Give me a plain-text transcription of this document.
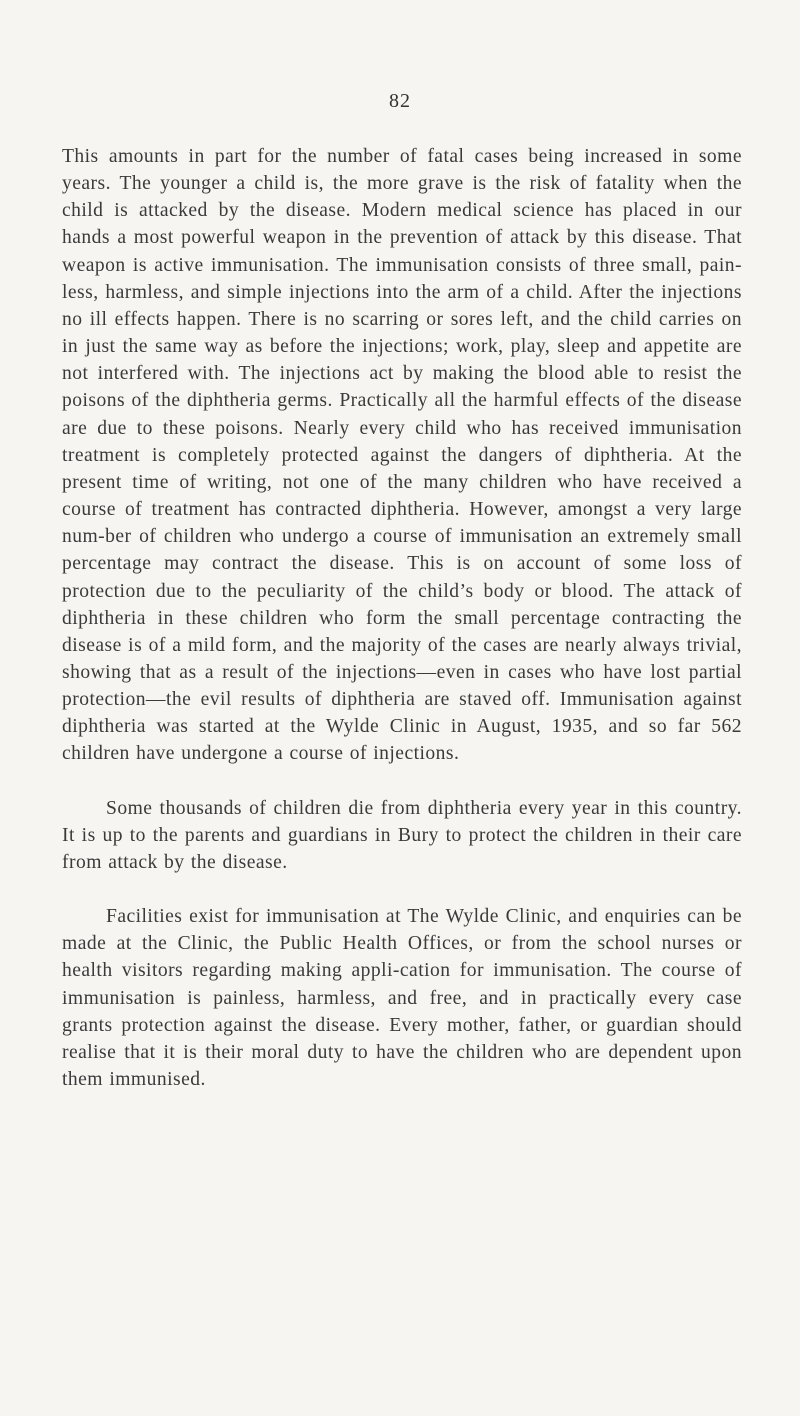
82

This amounts in part for the number of fatal cases being increased in some years. The younger a child is, the more grave is the risk of fatality when the child is attacked by the disease. Modern medical science has placed in our hands a most powerful weapon in the prevention of attack by this disease. That weapon is active immunisation. The immunisation consists of three small, pain-less, harmless, and simple injections into the arm of a child. After the injections no ill effects happen. There is no scarring or sores left, and the child carries on in just the same way as before the injections; work, play, sleep and appetite are not interfered with. The injections act by making the blood able to resist the poisons of the diphtheria germs. Practically all the harmful effects of the disease are due to these poisons. Nearly every child who has received immunisation treatment is completely protected against the dangers of diphtheria. At the present time of writing, not one of the many children who have received a course of treatment has contracted diphtheria. However, amongst a very large num-ber of children who undergo a course of immunisation an extremely small percentage may contract the disease. This is on account of some loss of protection due to the peculiarity of the child’s body or blood. The attack of diphtheria in these children who form the small percentage contracting the disease is of a mild form, and the majority of the cases are nearly always trivial, showing that as a result of the injections—even in cases who have lost partial protection—the evil results of diphtheria are staved off. Immunisation against diphtheria was started at the Wylde Clinic in August, 1935, and so far 562 children have undergone a course of injections.

Some thousands of children die from diphtheria every year in this country. It is up to the parents and guardians in Bury to protect the children in their care from attack by the disease.

Facilities exist for immunisation at The Wylde Clinic, and enquiries can be made at the Clinic, the Public Health Offices, or from the school nurses or health visitors regarding making appli-cation for immunisation. The course of immunisation is painless, harmless, and free, and in practically every case grants protection against the disease. Every mother, father, or guardian should realise that it is their moral duty to have the children who are dependent upon them immunised.
